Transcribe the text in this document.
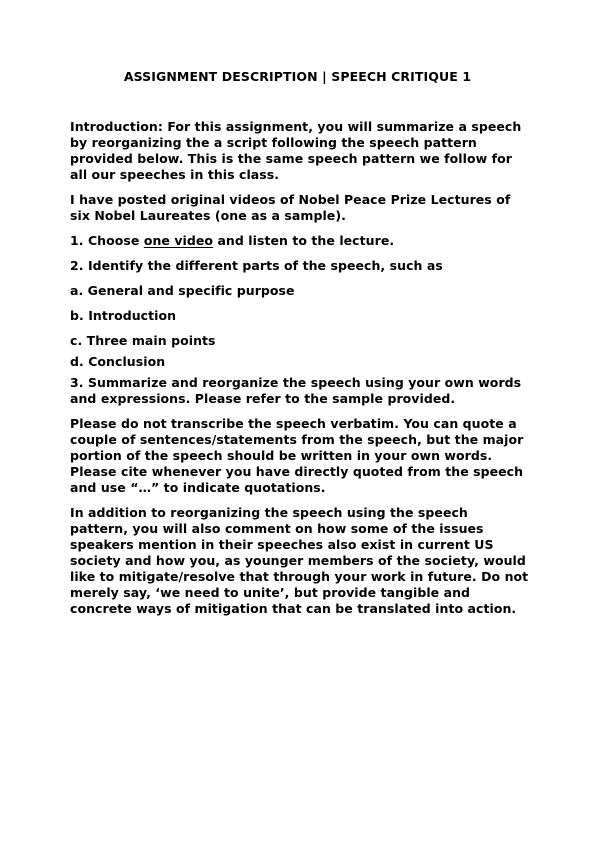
ASSIGNMENT DESCRIPTION | SPEECH CRITIQUE 1

Introduction: For this assignment, you will summarize a speech by reorganizing the a script following the speech pattern provided below. This is the same speech pattern we follow for all our speeches in this class.

I have posted original videos of Nobel Peace Prize Lectures of six Nobel Laureates (one as a sample).

1. Choose one video and listen to the lecture.

2. Identify the different parts of the speech, such as

a. General and specific purpose

b. Introduction

c. Three main points

d. Conclusion

3. Summarize and reorganize the speech using your own words and expressions. Please refer to the sample provided.

Please do not transcribe the speech verbatim. You can quote a couple of sentences/statements from the speech, but the major portion of the speech should be written in your own words. Please cite whenever you have directly quoted from the speech and use “…” to indicate quotations.

In addition to reorganizing the speech using the speech pattern, you will also comment on how some of the issues speakers mention in their speeches also exist in current US society and how you, as younger members of the society, would like to mitigate/resolve that through your work in future. Do not merely say, ‘we need to unite’, but provide tangible and concrete ways of mitigation that can be translated into action.
